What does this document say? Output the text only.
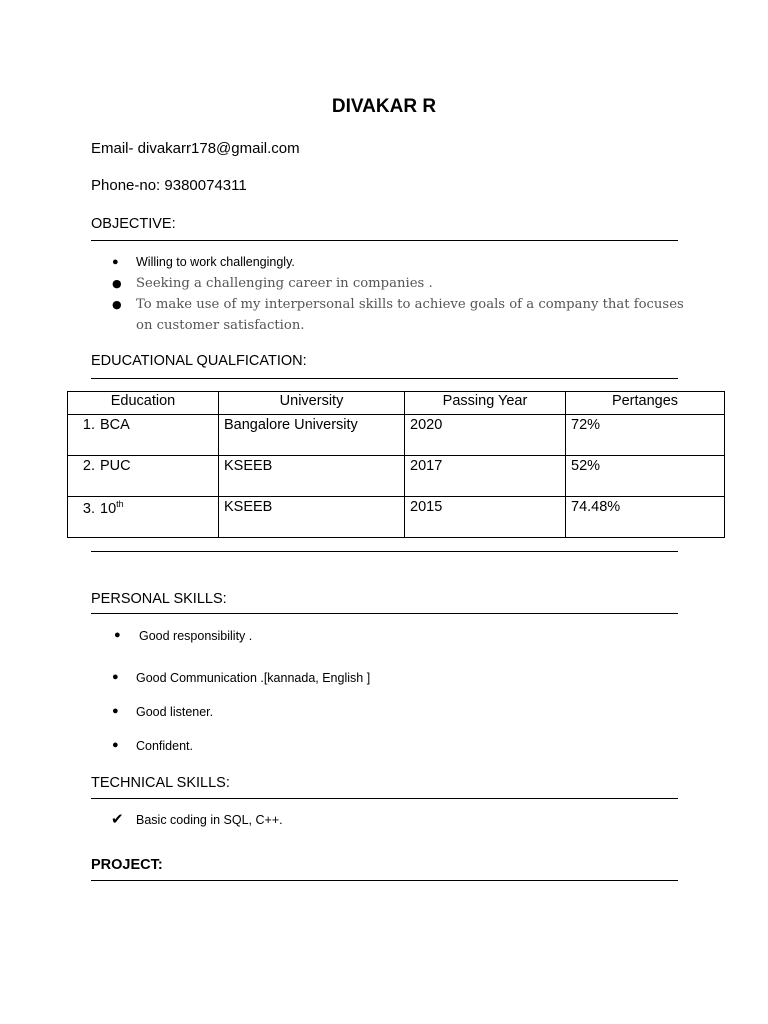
DIVAKAR R
Email- divakarr178@gmail.com
Phone-no: 9380074311
OBJECTIVE:
● Willing to work challengingly.
● Seeking a challenging career in companies .
● To make use of my interpersonal skills to achieve goals of a company that focuses on customer satisfaction.
EDUCATIONAL QUALFICATION:
Education	University	Passing Year	Pertanges
1. BCA	Bangalore University	2020	72%
2. PUC	KSEEB	2017	52%
3. 10th	KSEEB	2015	74.48%
PERSONAL SKILLS:
● Good responsibility .
● Good Communication .[kannada, English ]
● Good listener.
● Confident.
TECHNICAL SKILLS:
✔ Basic coding in SQL, C++.
PROJECT:
